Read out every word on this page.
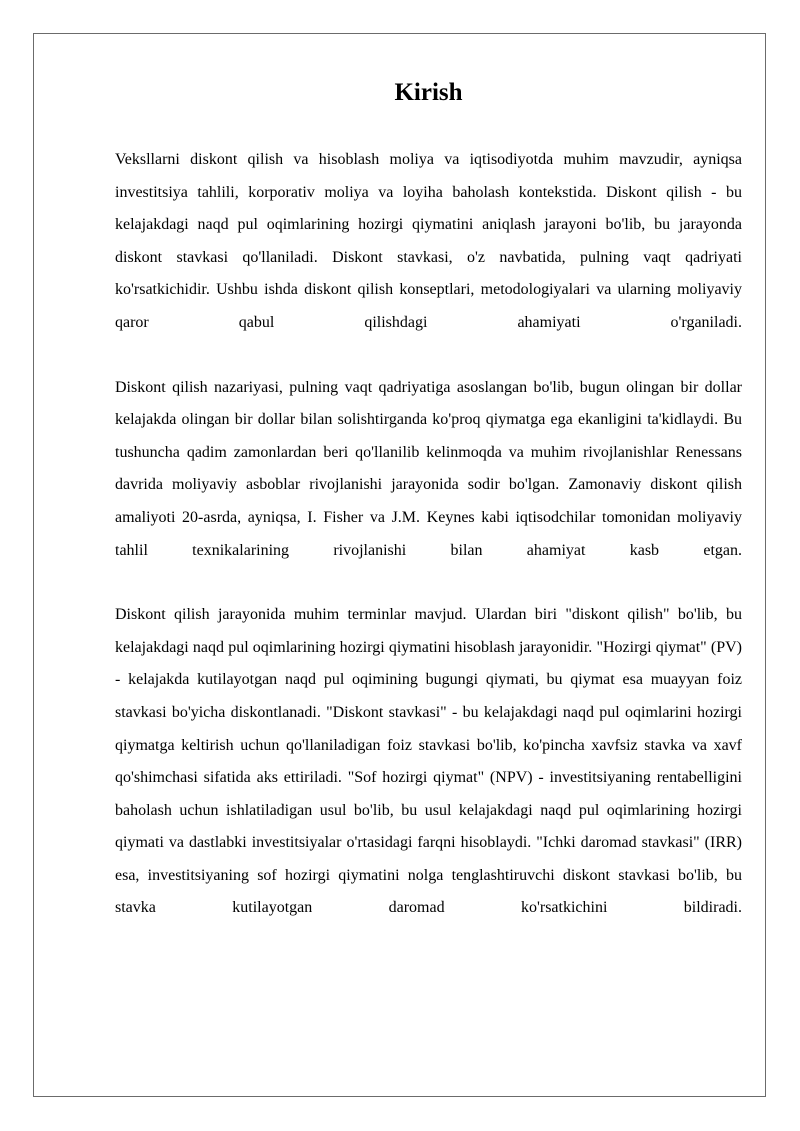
Kirish

Veksllarni diskont qilish va hisoblash moliya va iqtisodiyotda muhim mavzudir, ayniqsa investitsiya tahlili, korporativ moliya va loyiha baholash kontekstida. Diskont qilish - bu kelajakdagi naqd pul oqimlarining hozirgi qiymatini aniqlash jarayoni bo'lib, bu jarayonda diskont stavkasi qo'llaniladi. Diskont stavkasi, o'z navbatida, pulning vaqt qadriyati ko'rsatkichidir. Ushbu ishda diskont qilish konseptlari, metodologiyalari va ularning moliyaviy qaror qabul qilishdagi ahamiyati o'rganiladi.

Diskont qilish nazariyasi, pulning vaqt qadriyatiga asoslangan bo'lib, bugun olingan bir dollar kelajakda olingan bir dollar bilan solishtirganda ko'proq qiymatga ega ekanligini ta'kidlaydi. Bu tushuncha qadim zamonlardan beri qo'llanilib kelinmoqda va muhim rivojlanishlar Renessans davrida moliyaviy asboblar rivojlanishi jarayonida sodir bo'lgan. Zamonaviy diskont qilish amaliyoti 20-asrda, ayniqsa, I. Fisher va J.M. Keynes kabi iqtisodchilar tomonidan moliyaviy tahlil texnikalarining rivojlanishi bilan ahamiyat kasb etgan.

Diskont qilish jarayonida muhim terminlar mavjud. Ulardan biri "diskont qilish" bo'lib, bu kelajakdagi naqd pul oqimlarining hozirgi qiymatini hisoblash jarayonidir. "Hozirgi qiymat" (PV) - kelajakda kutilayotgan naqd pul oqimining bugungi qiymati, bu qiymat esa muayyan foiz stavkasi bo'yicha diskontlanadi. "Diskont stavkasi" - bu kelajakdagi naqd pul oqimlarini hozirgi qiymatga keltirish uchun qo'llaniladigan foiz stavkasi bo'lib, ko'pincha xavfsiz stavka va xavf qo'shimchasi sifatida aks ettiriladi. "Sof hozirgi qiymat" (NPV) - investitsiyaning rentabelligini baholash uchun ishlatiladigan usul bo'lib, bu usul kelajakdagi naqd pul oqimlarining hozirgi qiymati va dastlabki investitsiyalar o'rtasidagi farqni hisoblaydi. "Ichki daromad stavkasi" (IRR) esa, investitsiyaning sof hozirgi qiymatini nolga tenglashtiruvchi diskont stavkasi bo'lib, bu stavka kutilayotgan daromad ko'rsatkichini bildiradi.
